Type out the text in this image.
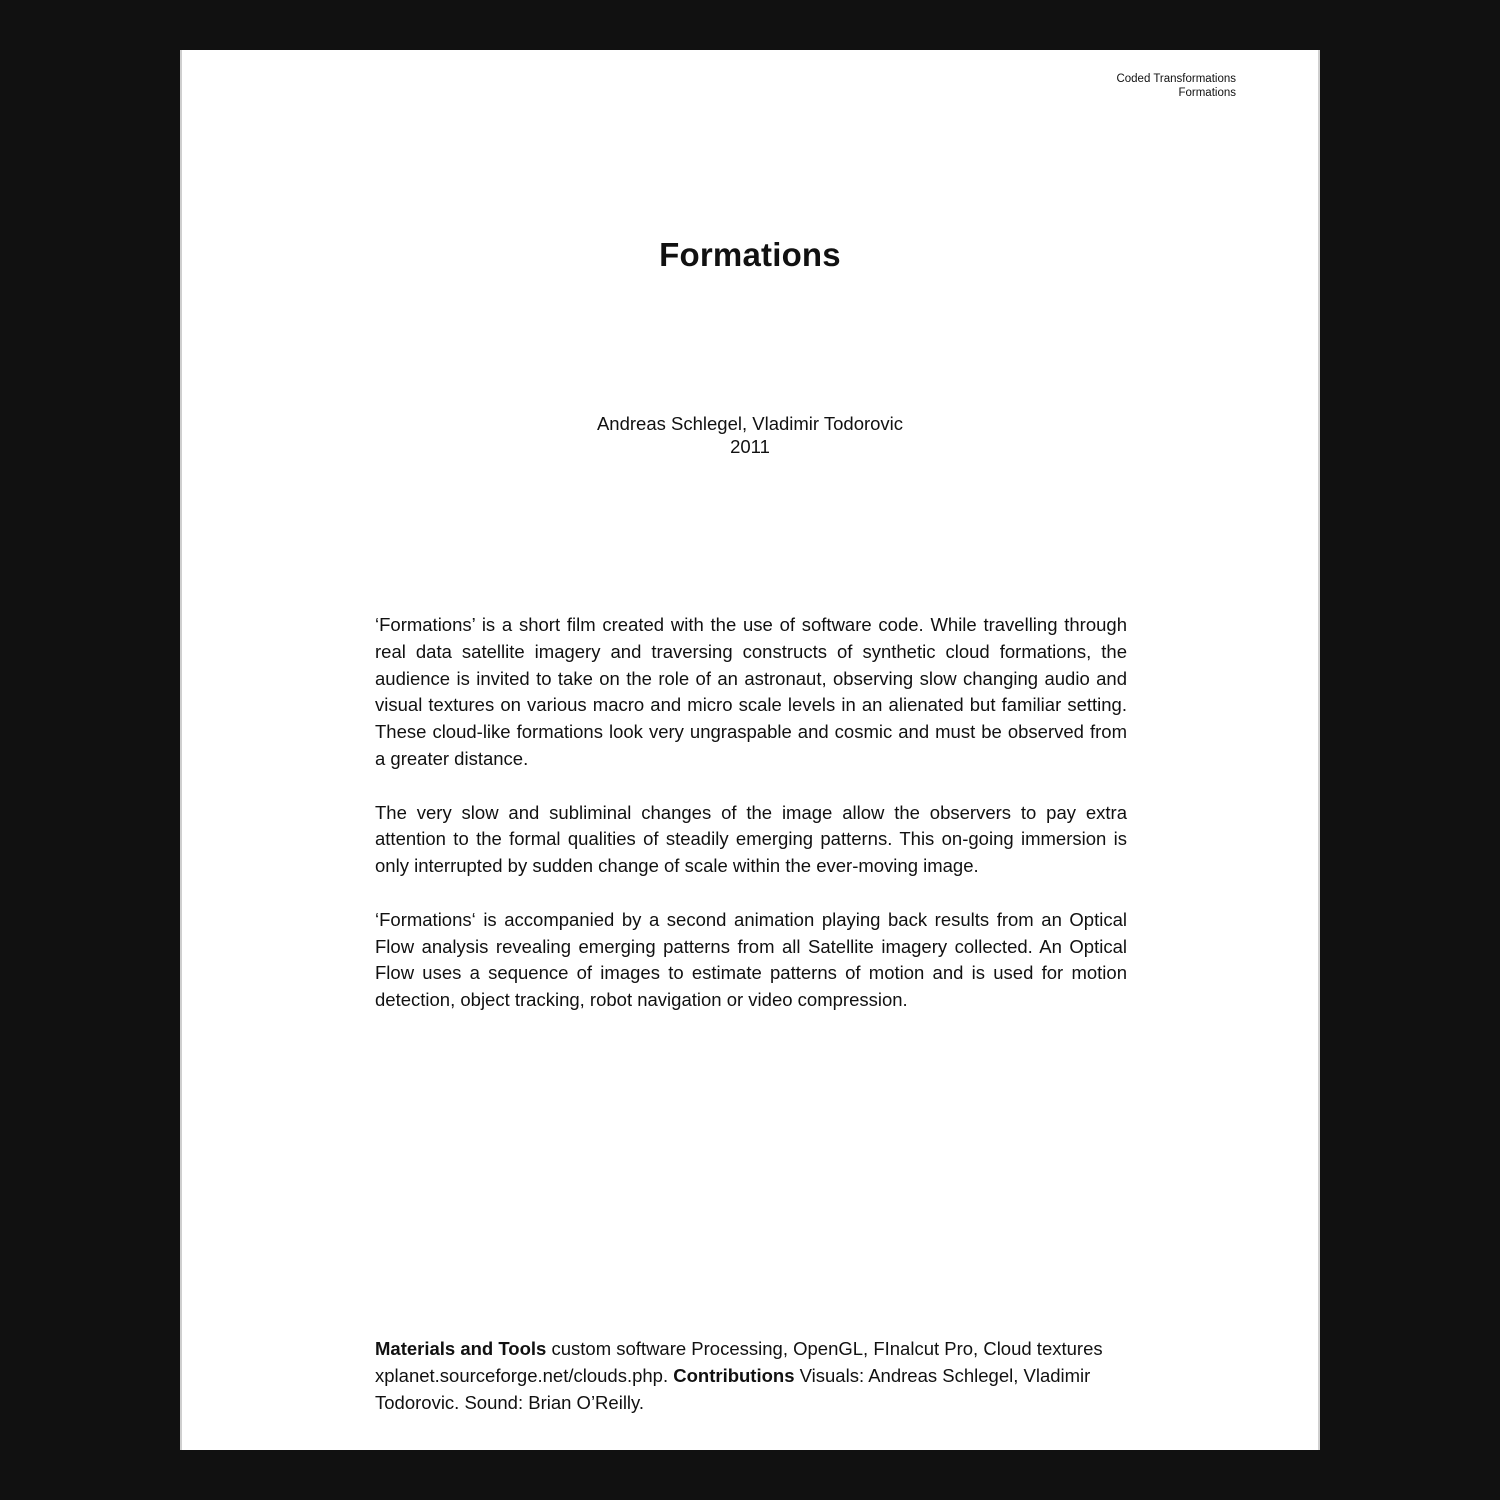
Coded Transformations
Formations
Formations
Andreas Schlegel, Vladimir Todorovic
2011

‘Formations’ is a short film created with the use of software code. While travelling through real data satellite imagery and traversing constructs of synthetic cloud formations, the audience is invited to take on the role of an astronaut, observing slow changing audio and visual textures on various macro and micro scale levels in an alienated but familiar setting. These cloud-like formations look very ungraspable and cosmic and must be observed from a greater distance.

The very slow and subliminal changes of the image allow the observers to pay extra attention to the formal qualities of steadily emerging patterns. This on-going immersion is only interrupted by sudden change of scale within the ever-moving image.

‘Formations‘ is accompanied by a second animation playing back results from an Optical Flow analysis revealing emerging patterns from all Satellite imagery collected. An Optical Flow uses a sequence of images to estimate patterns of motion and is used for motion detection, object tracking, robot navigation or video compression.

Materials and Tools custom software Processing, OpenGL, FInalcut Pro, Cloud textures xplanet.sourceforge.net/clouds.php. Contributions Visuals: Andreas Schlegel, Vladimir Todorovic. Sound: Brian O’Reilly.
